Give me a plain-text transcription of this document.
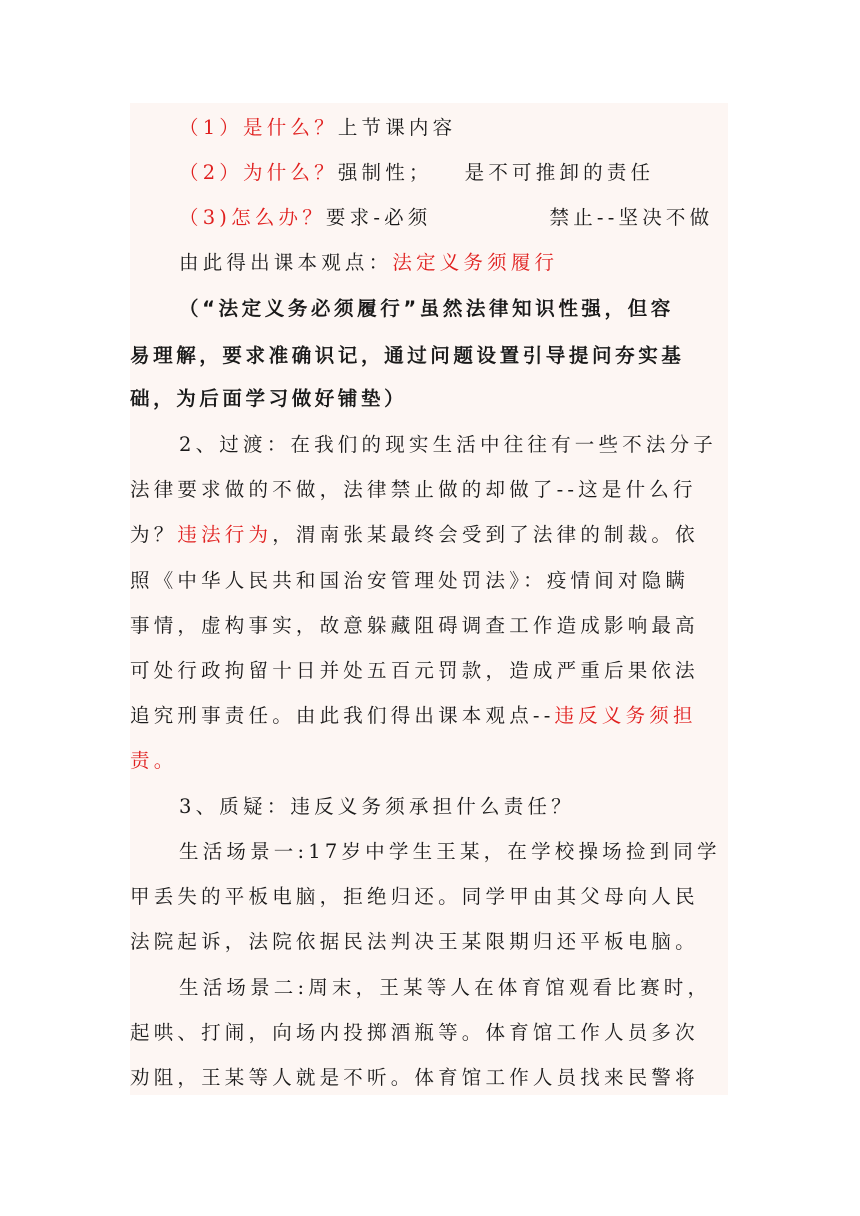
（1）是什么？上节课内容
（2）为什么？强制性； 是不可推卸的责任
（3)怎么办？要求-必须	禁止--坚决不做
由此得出课本观点：法定义务须履行
（“法定义务必须履行”虽然法律知识性强，但容
易理解，要求准确识记，通过问题设置引导提问夯实基
础，为后面学习做好铺垫）
2、过渡：在我们的现实生活中往往有一些不法分子
法律要求做的不做，法律禁止做的却做了--这是什么行
为？违法行为，渭南张某最终会受到了法律的制裁。依
照《中华人民共和国治安管理处罚法》：疫情间对隐瞒
事情，虚构事实，故意躲藏阻碍调查工作造成影响最高
可处行政拘留十日并处五百元罚款，造成严重后果依法
追究刑事责任。由此我们得出课本观点--违反义务须担
责。
3、质疑：违反义务须承担什么责任？
生活场景一:17岁中学生王某，在学校操场捡到同学
甲丢失的平板电脑，拒绝归还。同学甲由其父母向人民
法院起诉，法院依据民法判决王某限期归还平板电脑。
生活场景二:周末，王某等人在体育馆观看比赛时，
起哄、打闹，向场内投掷酒瓶等。体育馆工作人员多次
劝阻，王某等人就是不听。体育馆工作人员找来民警将
